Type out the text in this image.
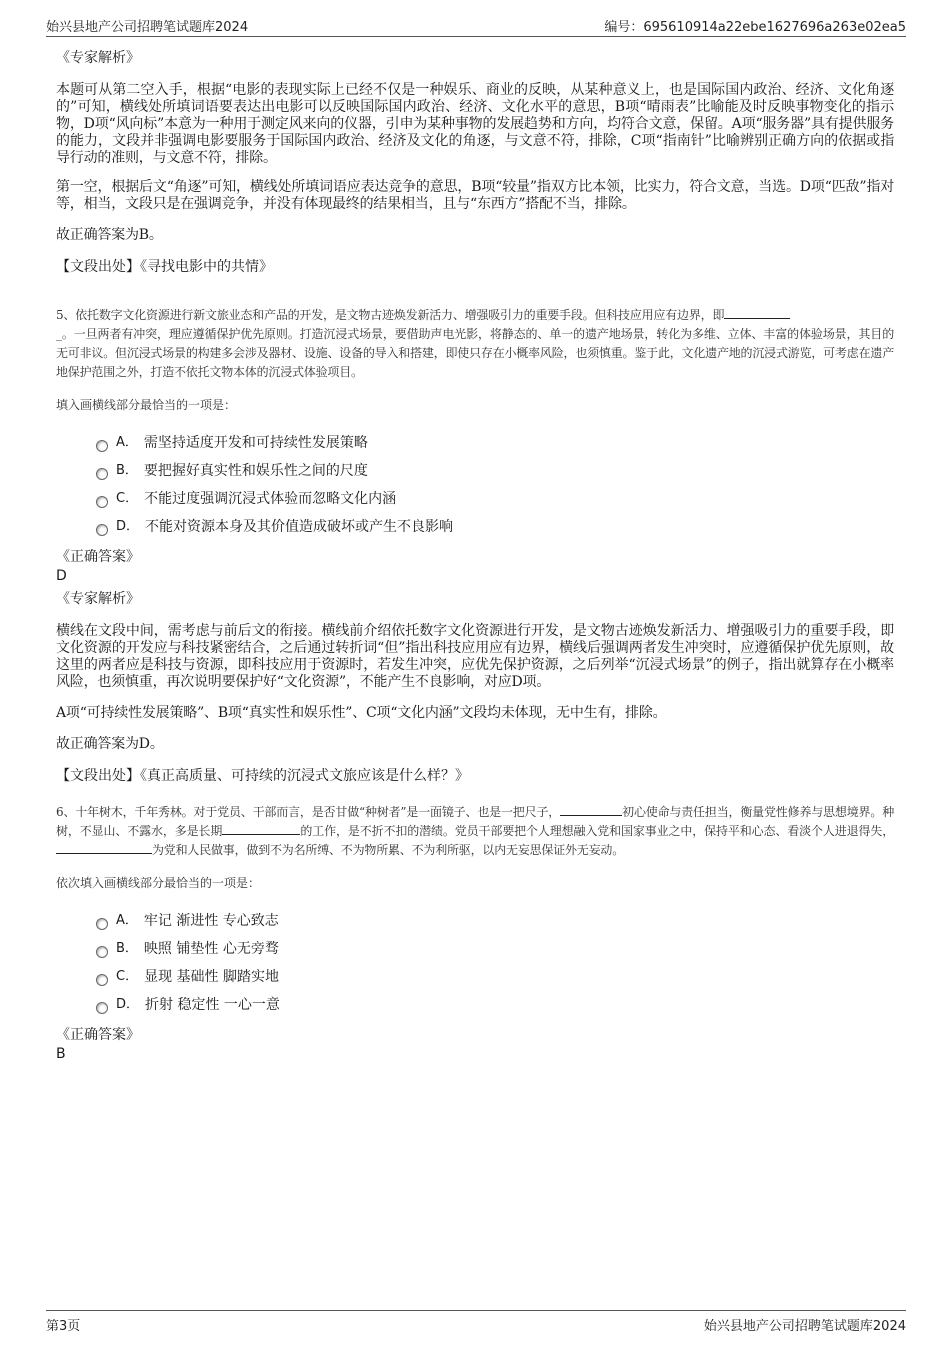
始兴县地产公司招聘笔试题库2024	编号：695610914a22ebe1627696a263e02ea5

《专家解析》

本题可从第二空入手，根据“电影的表现实际上已经不仅是一种娱乐、商业的反映，从某种意义上，也是国际国内政治、经济、文化角逐的”可知，横线处所填词语要表达出电影可以反映国际国内政治、经济、文化水平的意思，B项“晴雨表”比喻能及时反映事物变化的指示物，D项“风向标”本意为一种用于测定风来向的仪器，引申为某种事物的发展趋势和方向，均符合文意，保留。A项“服务器”具有提供服务的能力，文段并非强调电影要服务于国际国内政治、经济及文化的角逐，与文意不符，排除，C项“指南针”比喻辨别正确方向的依据或指导行动的准则，与文意不符，排除。

第一空，根据后文“角逐”可知，横线处所填词语应表达竞争的意思，B项“较量”指双方比本领，比实力，符合文意，当选。D项“匹敌”指对等，相当，文段只是在强调竞争，并没有体现最终的结果相当，且与“东西方”搭配不当，排除。

故正确答案为B。

【文段出处】《寻找电影中的共情》

5、依托数字文化资源进行新文旅业态和产品的开发，是文物古迹焕发新活力、增强吸引力的重要手段。但科技应用应有边界，即
_。一旦两者有冲突，理应遵循保护优先原则。打造沉浸式场景，要借助声电光影，将静态的、单一的遗产地场景，转化为多维、立体、丰富的体验场景，其目的无可非议。但沉浸式场景的构建多会涉及器材、设施、设备的导入和搭建，即使只存在小概率风险，也须慎重。鉴于此，文化遗产地的沉浸式游览，可考虑在遗产地保护范围之外，打造不依托文物本体的沉浸式体验项目。

填入画横线部分最恰当的一项是：

A． 需坚持适度开发和可持续性发展策略
B． 要把握好真实性和娱乐性之间的尺度
C． 不能过度强调沉浸式体验而忽略文化内涵
D． 不能对资源本身及其价值造成破坏或产生不良影响

《正确答案》

D

《专家解析》

横线在文段中间，需考虑与前后文的衔接。横线前介绍依托数字文化资源进行开发，是文物古迹焕发新活力、增强吸引力的重要手段，即文化资源的开发应与科技紧密结合，之后通过转折词“但”指出科技应用应有边界，横线后强调两者发生冲突时，应遵循保护优先原则，故这里的两者应是科技与资源，即科技应用于资源时，若发生冲突，应优先保护资源，之后列举“沉浸式场景”的例子，指出就算存在小概率风险，也须慎重，再次说明要保护好“文化资源”，不能产生不良影响，对应D项。

A项“可持续性发展策略”、B项“真实性和娱乐性”、C项“文化内涵”文段均未体现，无中生有，排除。

故正确答案为D。

【文段出处】《真正高质量、可持续的沉浸式文旅应该是什么样？》

6、十年树木，千年秀林。对于党员、干部而言，是否甘做“种树者”是一面镜子、也是一把尺子，	初心使命与责任担当，衡量党性修养与思想境界。种树，不显山、不露水，多是长期	的工作，是不折不扣的潜绩。党员干部要把个人理想融入党和国家事业之中，保持平和心态、看淡个人进退得失，为党和人民做事，做到不为名所缚、不为物所累、不为利所驱，以内无妄思保证外无妄动。

依次填入画横线部分最恰当的一项是：

A． 牢记 渐进性 专心致志
B． 映照 铺垫性 心无旁骛
C． 显现 基础性 脚踏实地
D． 折射 稳定性 一心一意

《正确答案》

B

第3页	始兴县地产公司招聘笔试题库2024
